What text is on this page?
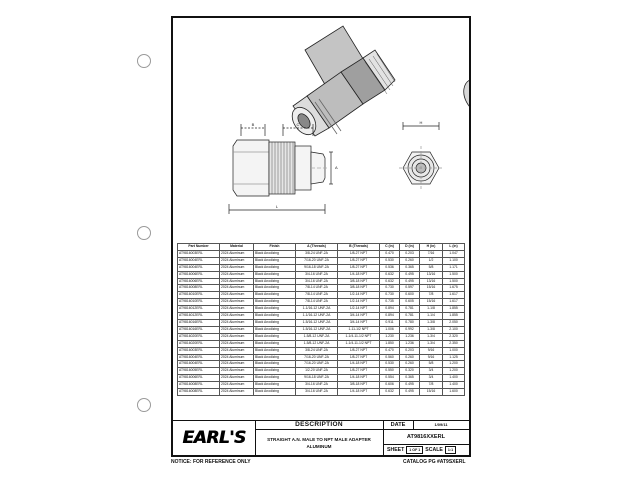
B	C
L
A
H
Part Number	Material	Finish	A (Threads)	B (Threads)	C (in)	D (in)	H (in)	L (in)
AT9816003ERL	2024 Aluminum	Black Anodizing	3/8-24 UNF-2A	1/8-27 NPT	0.470	0.203	7/16	1.047
AT9816004ERL	2024 Aluminum	Black Anodizing	7/16-20 UNF-2A	1/8-27 NPT	0.530	0.260	1/2	1.100
AT9816004ERL	2024 Aluminum	Black Anodizing	9/16-18 UNF-2A	1/8-27 NPT	0.536	0.365	5/8	1.171
AT9816006ERL	2024 Aluminum	Black Anodizing	3/4-16 UNF-2A	1/4-18 NPT	0.632	0.495	13/16	1.500
AT9816006ERL	2024 Aluminum	Black Anodizing	3/4-16 UNF-2A	3/8-18 NPT	0.632	0.495	13/16	1.500
AT9816008ERL	2024 Aluminum	Black Anodizing	7/8-14 UNF-2A	3/8-18 NPT	0.730	0.597	15/16	1.675
AT9816010ERL	2024 Aluminum	Black Anodizing	7/8-14 UNF-2A	1/2-14 NPT	0.730	0.600	7/8	1.617
AT9816010ERL	2024 Aluminum	Black Anodizing	7/8-14 UNF-2A	1/2-14 NPT	0.735	0.605	15/16	1.617
AT9816012ERL	2024 Aluminum	Black Anodizing	1-1/16-12 UNF-2A	1/2-14 NPT	0.894	0.781	1-1/8	1.855
AT9816012ERL	2024 Aluminum	Black Anodizing	1-1/16-12 UNF-2A	3/4-14 NPT	0.894	0.781	1-1/4	1.855
AT9816016ERL	2024 Aluminum	Black Anodizing	1-5/16-12 UNF-2A	3/4-14 NPT	0.911	0.780	1-3/8	2.050
AT9816016ERL	2024 Aluminum	Black Anodizing	1-5/16-12 UNF-2A	1-11-1/2 NPT	1.006	0.992	1-3/8	2.100
AT9816020ERL	2024 Aluminum	Black Anodizing	1-5/8-12 UNF-2A	1-1/4-11-1/2 NPT	1.230	1.236	1-3/4	2.320
AT9816020ERL	2024 Aluminum	Black Anodizing	1-5/8-12 UNF-2A	1-1/4-11-1/2 NPT	1.850	1.236	1-3/4	2.350
AT9816003ERL	2024 Aluminum	Black Anodizing	3/8-24 UNF-2A	1/8-27 NPT	0.470	0.203	9/16	1.000
AT9816004ERL	2024 Aluminum	Black Anodizing	7/16-20 UNF-2A	1/8-27 NPT	0.560	0.260	9/16	1.125
AT9816004ERL	2024 Aluminum	Black Anodizing	7/16-20 UNF-2A	1/4-18 NPT	0.530	0.260	5/8	1.200
AT9816005ERL	2024 Aluminum	Black Anodizing	1/2-20 UNF-2A	1/8-27 NPT	0.550	0.320	3/4	1.200
AT9816006ERL	2024 Aluminum	Black Anodizing	9/16-18 UNF-2A	1/4-18 NPT	0.554	0.365	3/4	1.400
AT9816008ERL	2024 Aluminum	Black Anodizing	3/4-16 UNF-2A	3/8-18 NPT	0.606	0.495	7/8	1.400
AT9816008ERL	2024 Aluminum	Black Anodizing	3/4-16 UNF-2A	1/4-18 NPT	0.632	0.495	15/16	1.600
EARL'S
DESCRIPTION
STRAIGHT A.N. MALE TO NPT MALE ADAPTER
ALUMINUM
DATE	1/09/11
AT9816XXERL
SHEET	1 OF 1 SCALE	1:1
NOTICE: FOR REFERENCE ONLY	CATALOG PG #AT9SXERL
